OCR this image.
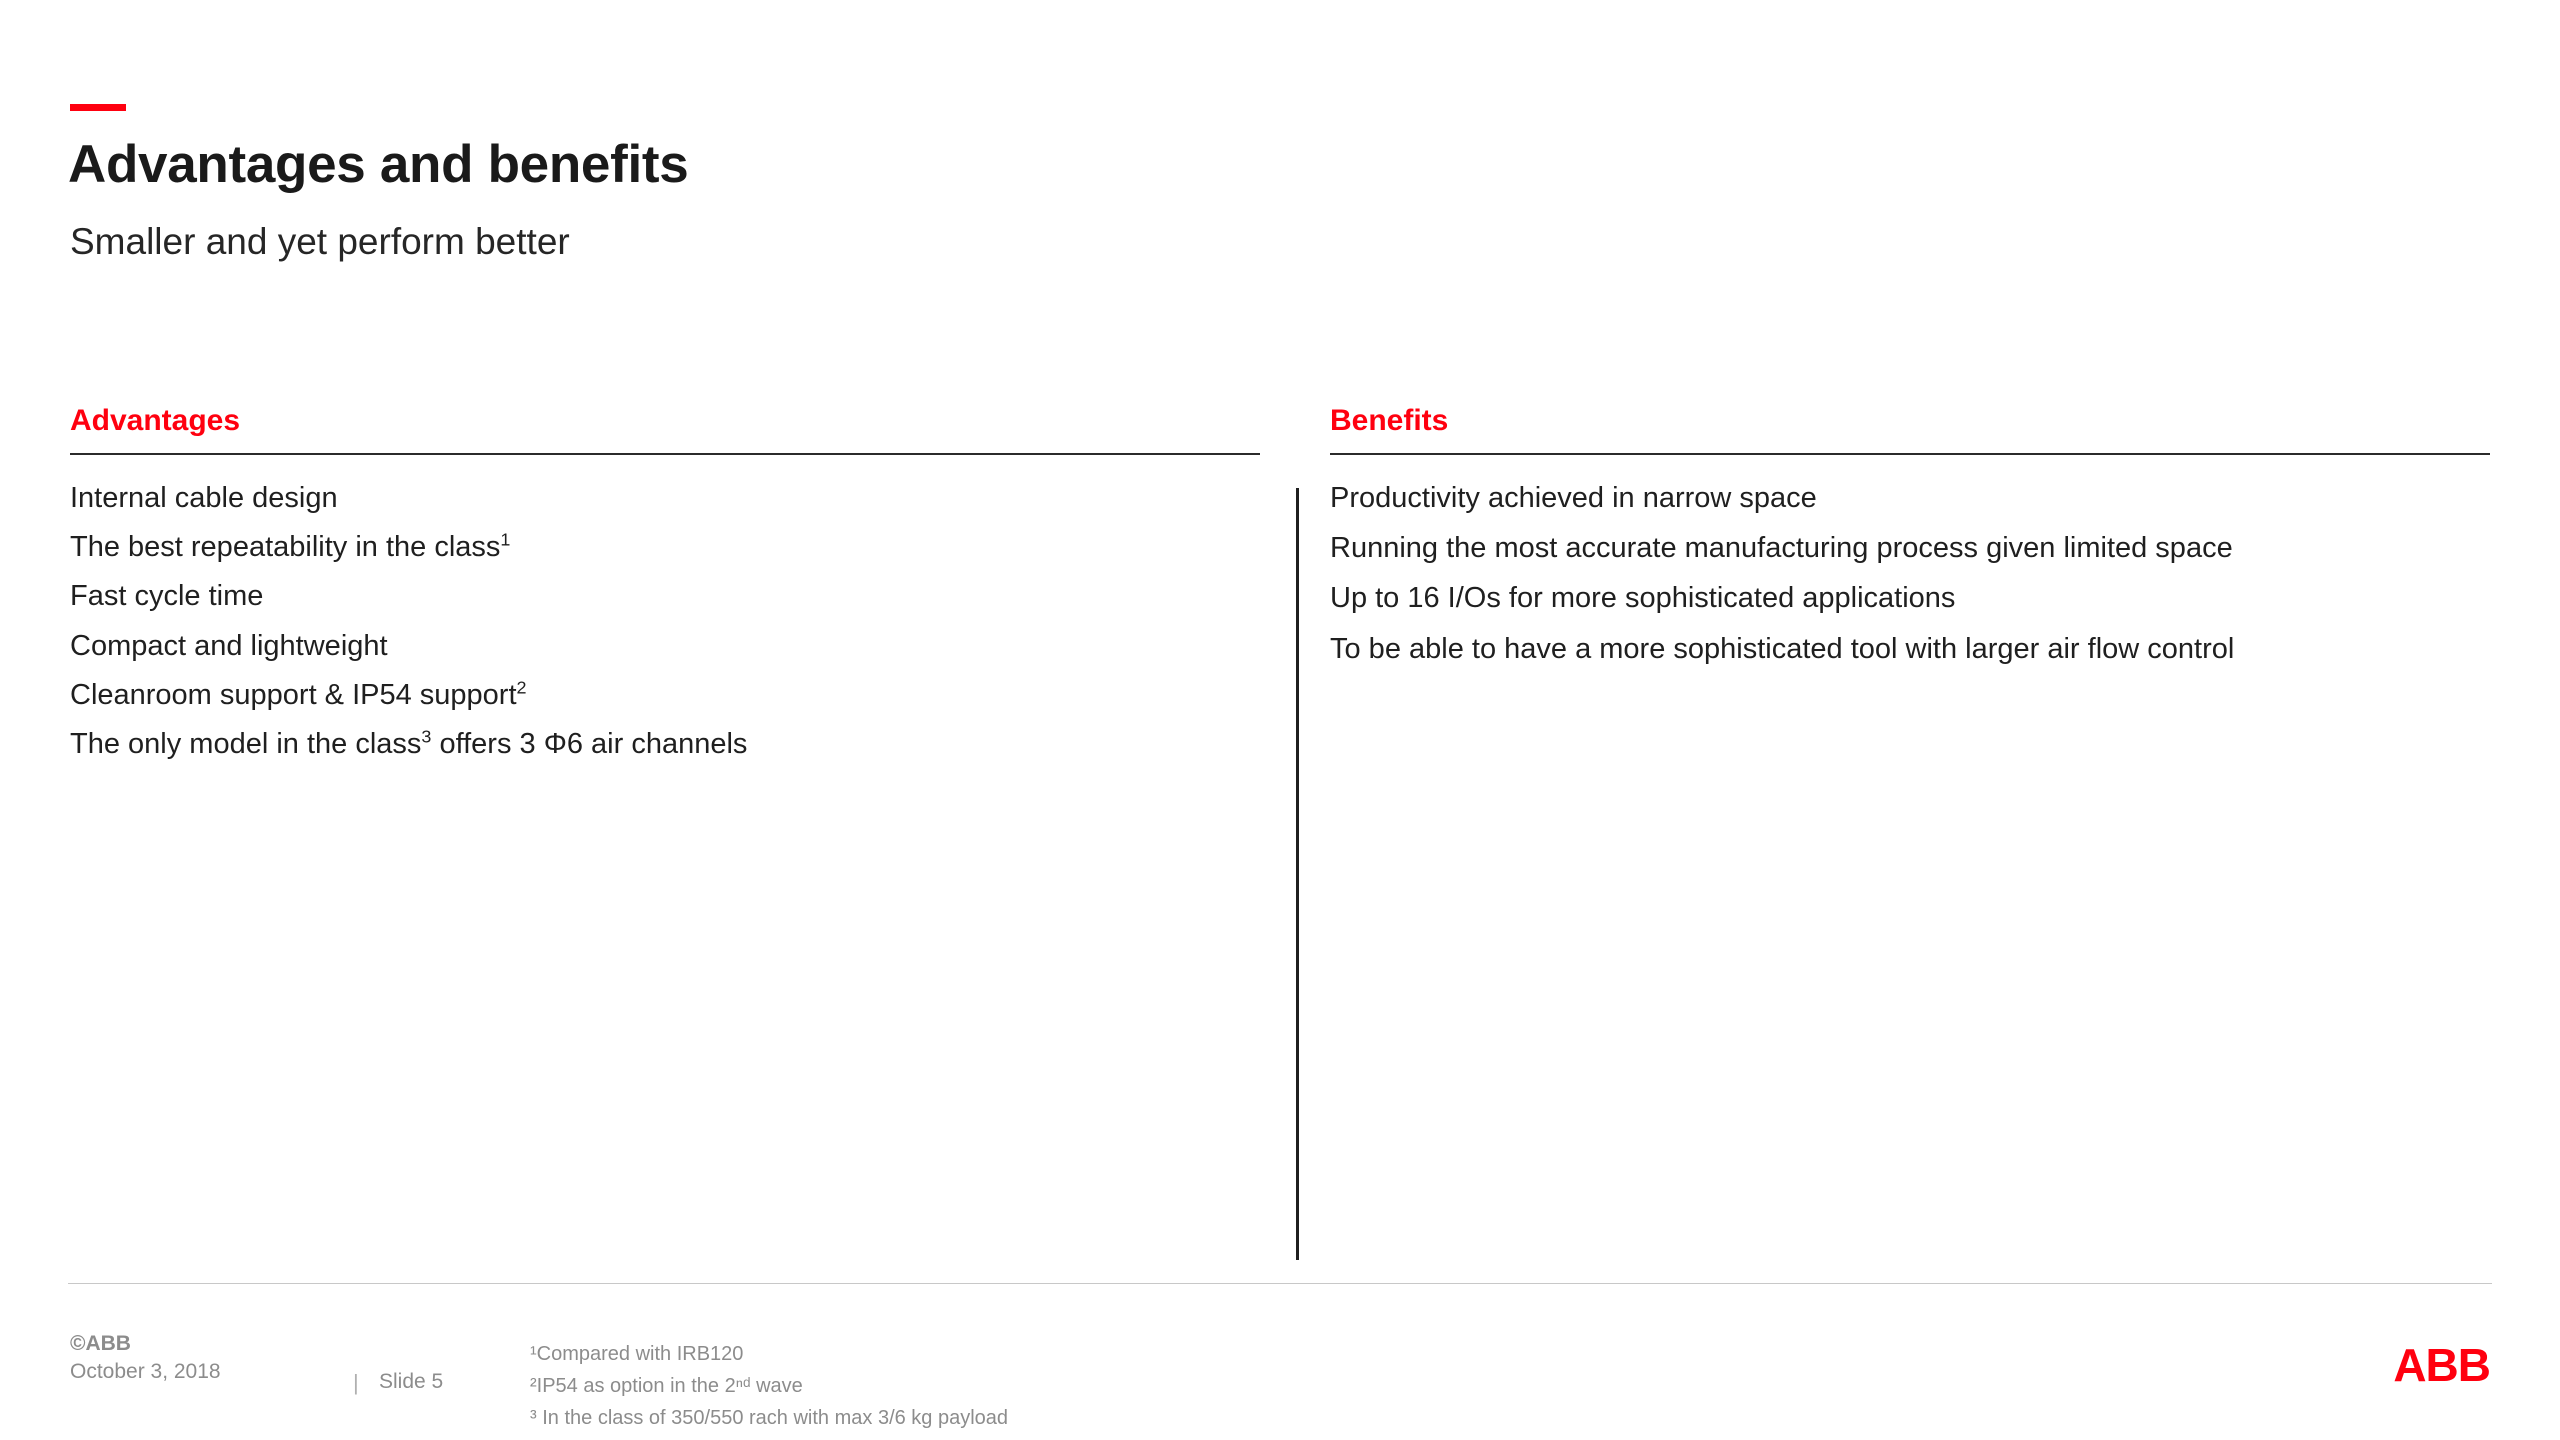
Advantages and benefits
Smaller and yet perform better
Advantages
Internal cable design
The best repeatability in the class$^1$
Fast cycle time
Compact and lightweight
Cleanroom support & IP54 support$^2$
The only model in the class$^3$ offers 3 Φ6 air channels
Benefits
Productivity achieved in narrow space
Running the most accurate manufacturing process given limited space
Up to 16 I/Os for more sophisticated applications
To be able to have a more sophisticated tool with larger air flow control
©ABB
October 3, 2018	| Slide 5
¹Compared with IRB120
²IP54 as option in the 2ⁿᵈ wave
³ In the class of 350/550 rach with max 3/6 kg payload
ABB
